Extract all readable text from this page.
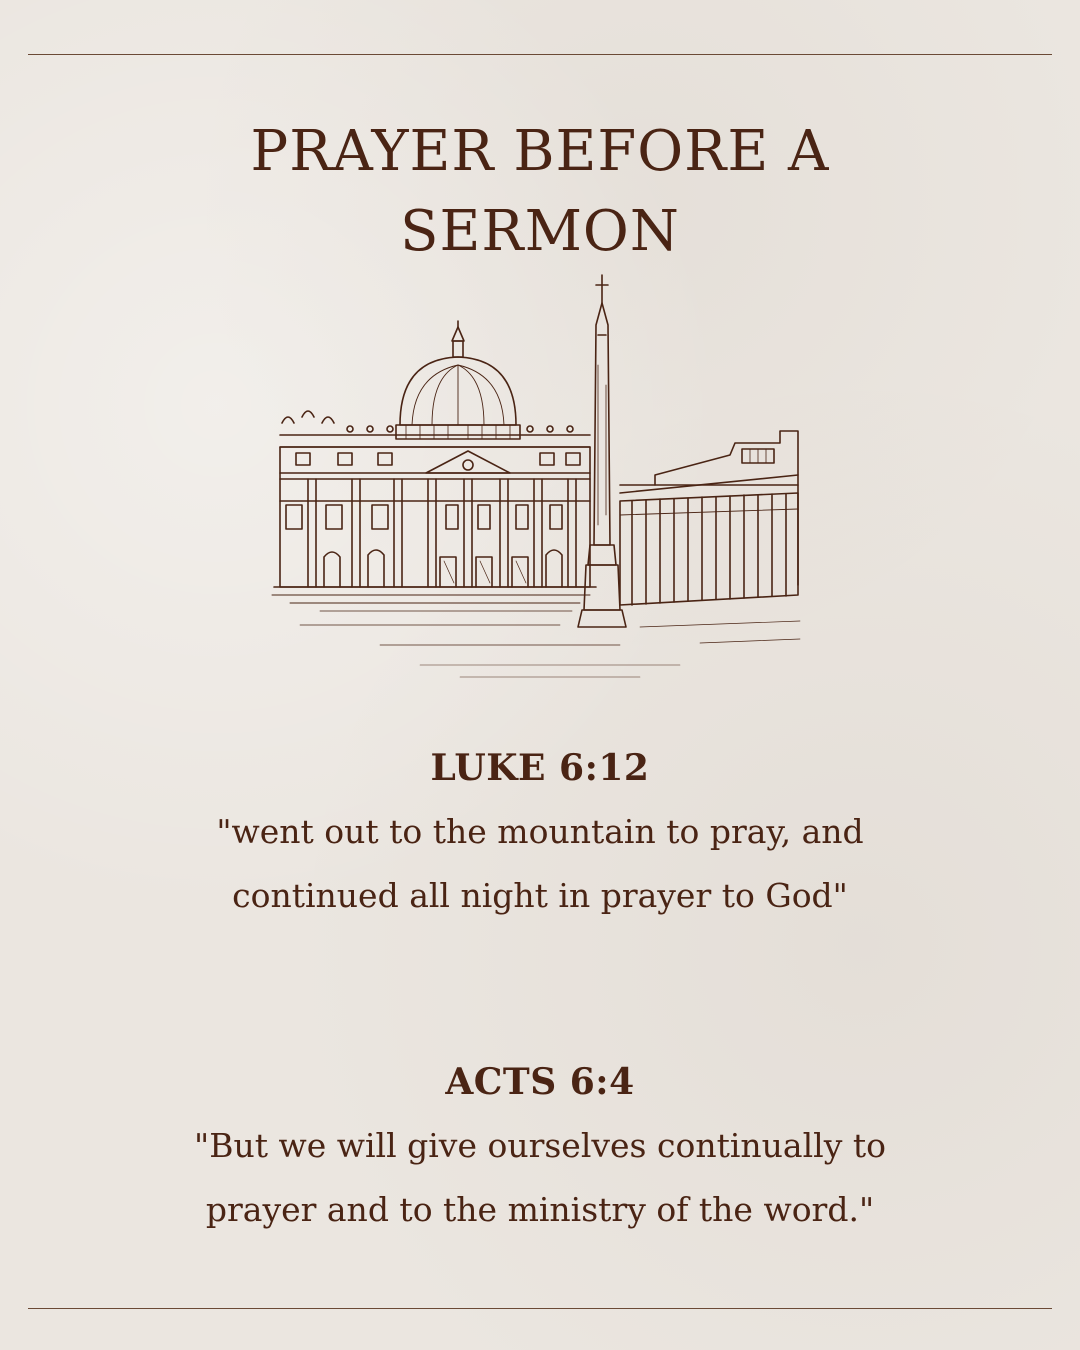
PRAYER BEFORE A SERMON
LUKE 6:12
"went out to the mountain to pray, and continued all night in prayer to God"
ACTS 6:4
"But we will give ourselves continually to prayer and to the ministry of the word."
